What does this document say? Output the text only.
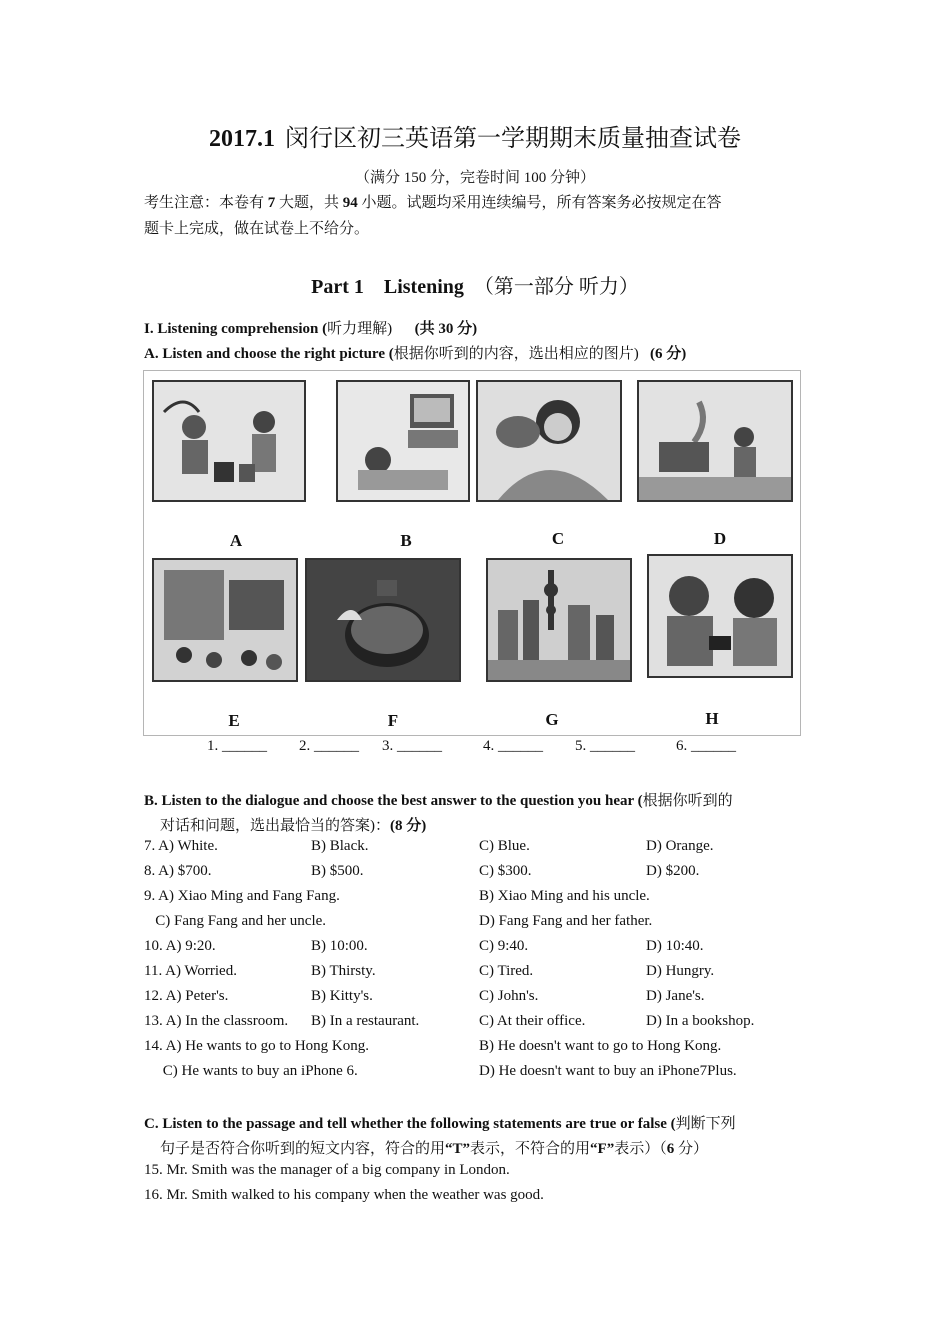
2017.1 闵行区初三英语第一学期期末质量抽查试卷
（满分 150 分，完卷时间 100 分钟）
考生注意：本卷有 7 大题，共 94 小题。试题均采用连续编号，所有答案务必按规定在答
题卡上完成，做在试卷上不给分。
Part 1　Listening （第一部分 听力）
I. Listening comprehension (听力理解) (共 30 分)
A. Listen and choose the right picture (根据你听到的内容，选出相应的图片) (6 分)
A	B	C	D
E	F	G	H
1. ______ 2. ______ 3. ______	4. ______ 5. ______	6. ______
B. Listen to the dialogue and choose the best answer to the question you hear (根据你听到的
对话和问题，选出最恰当的答案)：(8 分)
7. A) White.	B) Black.	C) Blue.	D) Orange.
8. A) $700.	B) $500.	C) $300.	D) $200.
9. A) Xiao Ming and Fang Fang.	B) Xiao Ming and his uncle.
C) Fang Fang and her uncle.	D) Fang Fang and her father.
10. A) 9:20.	B) 10:00.	C) 9:40.	D) 10:40.
11. A) Worried.	B) Thirsty.	C) Tired.	D) Hungry.
12. A) Peter's.	B) Kitty's.	C) John's.	D) Jane's.
13. A) In the classroom. B) In a restaurant.	C) At their office.	D) In a bookshop.
14. A) He wants to go to Hong Kong.	B) He doesn't want to go to Hong Kong.
C) He wants to buy an iPhone 6.	D) He doesn't want to buy an iPhone7Plus.
C. Listen to the passage and tell whether the following statements are true or false (判断下列
句子是否符合你听到的短文内容，符合的用“T”表示，不符合的用“F”表示）（6 分）
15. Mr. Smith was the manager of a big company in London.
16. Mr. Smith walked to his company when the weather was good.
